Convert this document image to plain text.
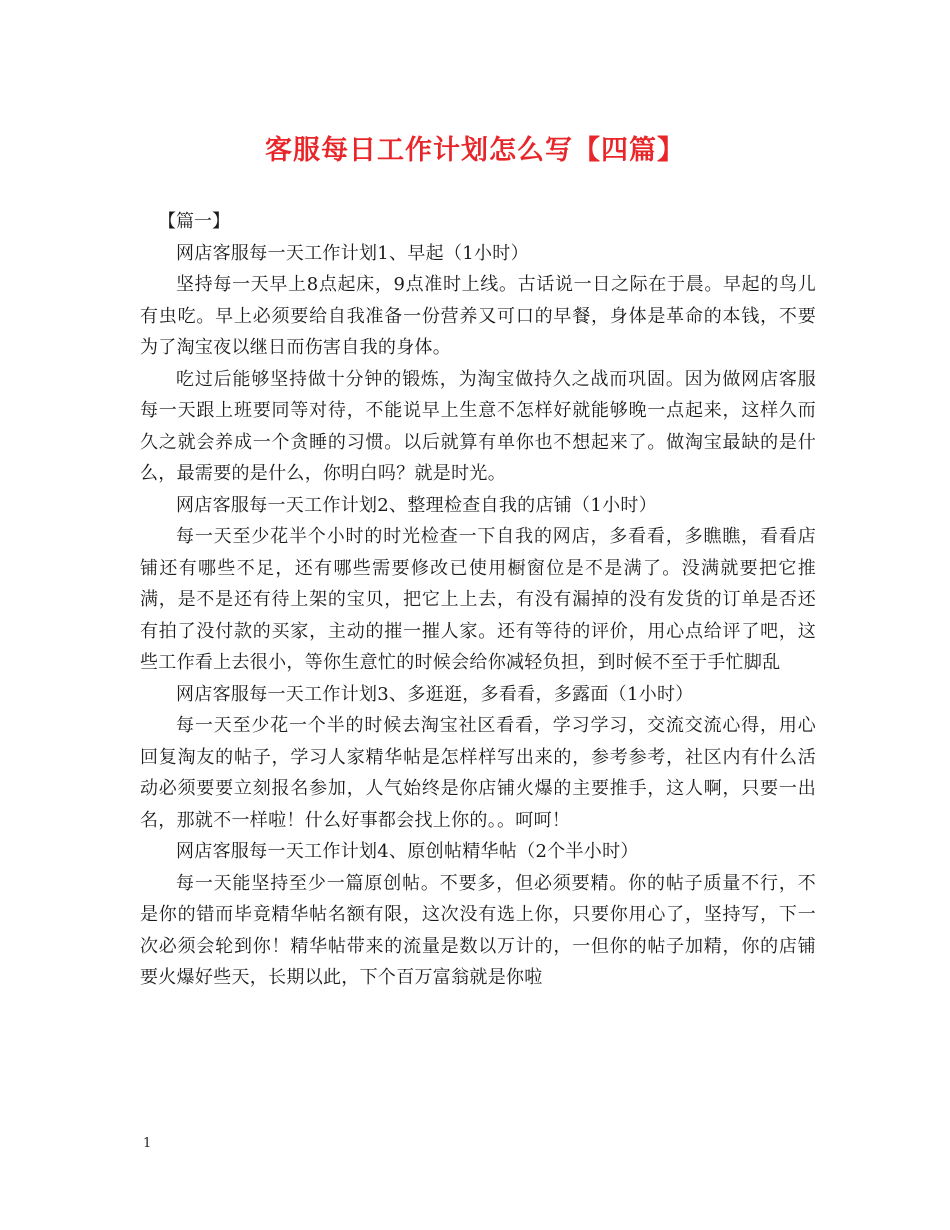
客服每日工作计划怎么写【四篇】

【篇一】

网店客服每一天工作计划1、早起（1小时）

坚持每一天早上8点起床，9点准时上线。古话说一日之际在于晨。早起的鸟儿有虫吃。早上必须要给自我准备一份营养又可口的早餐，身体是革命的本钱，不要为了淘宝夜以继日而伤害自我的身体。

吃过后能够坚持做十分钟的锻炼，为淘宝做持久之战而巩固。因为做网店客服每一天跟上班要同等对待，不能说早上生意不怎样好就能够晚一点起来，这样久而久之就会养成一个贪睡的习惯。以后就算有单你也不想起来了。做淘宝最缺的是什么，最需要的是什么，你明白吗？就是时光。

网店客服每一天工作计划2、整理检查自我的店铺（1小时）

每一天至少花半个小时的时光检查一下自我的网店，多看看，多瞧瞧，看看店铺还有哪些不足，还有哪些需要修改已使用橱窗位是不是满了。没满就要把它推满，是不是还有待上架的宝贝，把它上上去，有没有漏掉的没有发货的订单是否还有拍了没付款的买家，主动的摧一摧人家。还有等待的评价，用心点给评了吧，这些工作看上去很小，等你生意忙的时候会给你减轻负担，到时候不至于手忙脚乱

网店客服每一天工作计划3、多逛逛，多看看，多露面（1小时）

每一天至少花一个半的时候去淘宝社区看看，学习学习，交流交流心得，用心回复淘友的帖子，学习人家精华帖是怎样样写出来的，参考参考，社区内有什么活动必须要要立刻报名参加，人气始终是你店铺火爆的主要推手，这人啊，只要一出名，那就不一样啦！什么好事都会找上你的。。呵呵！

网店客服每一天工作计划4、原创帖精华帖（2个半小时）

每一天能坚持至少一篇原创帖。不要多，但必须要精。你的帖子质量不行，不是你的错而毕竟精华帖名额有限，这次没有选上你，只要你用心了，坚持写，下一次必须会轮到你！精华帖带来的流量是数以万计的，一但你的帖子加精，你的店铺要火爆好些天，长期以此，下个百万富翁就是你啦

1
